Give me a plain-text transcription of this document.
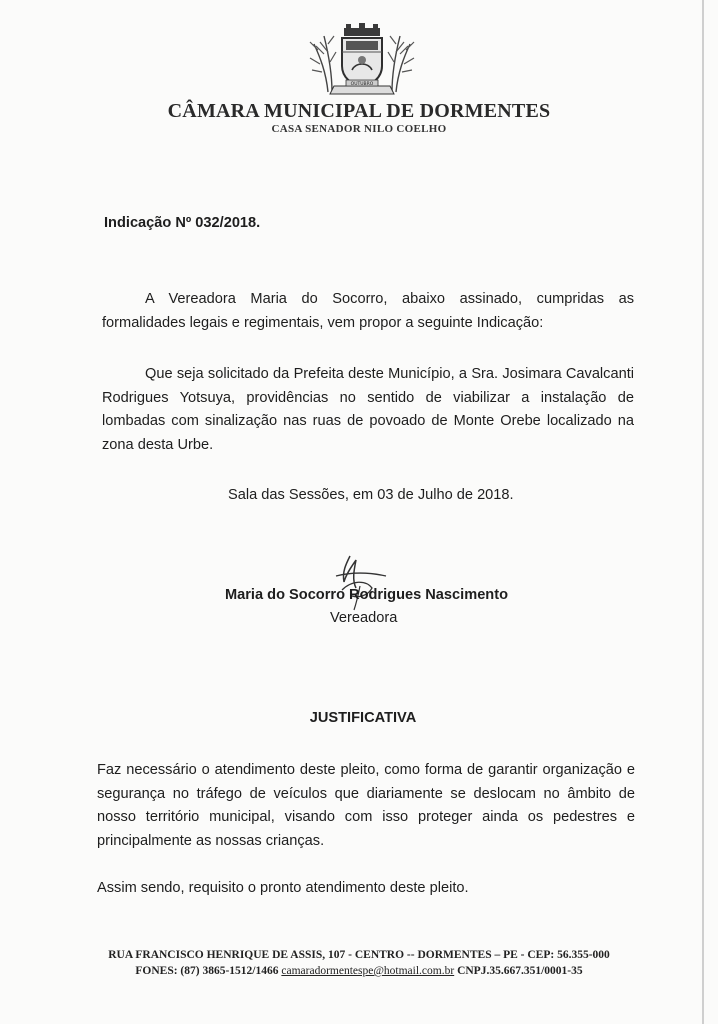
OUTUBRO
CÂMARA MUNICIPAL DE DORMENTES
CASA SENADOR NILO COELHO
Indicação Nº 032/2018.
A Vereadora Maria do Socorro, abaixo assinado, cumpridas as formalidades legais e regimentais, vem propor a seguinte Indicação:
Que seja solicitado da Prefeita deste Município, a Sra. Josimara Cavalcanti Rodrigues Yotsuya, providências no sentido de viabilizar a instalação de lombadas com sinalização nas ruas de povoado de Monte Orebe localizado na zona desta Urbe.
Sala das Sessões, em 03 de Julho de 2018.
Maria do Socorro Rodrigues Nascimento
Vereadora
JUSTIFICATIVA
Faz necessário o atendimento deste pleito, como forma de garantir organização e segurança no tráfego de veículos que diariamente se deslocam no âmbito de nosso território municipal, visando com isso proteger ainda os pedestres e principalmente as nossas crianças.
Assim sendo, requisito o pronto atendimento deste pleito.
RUA FRANCISCO HENRIQUE DE ASSIS, 107 - CENTRO -- DORMENTES – PE - CEP: 56.355-000
FONES: (87) 3865-1512/1466 camaradormentespe@hotmail.com.br CNPJ.35.667.351/0001-35
